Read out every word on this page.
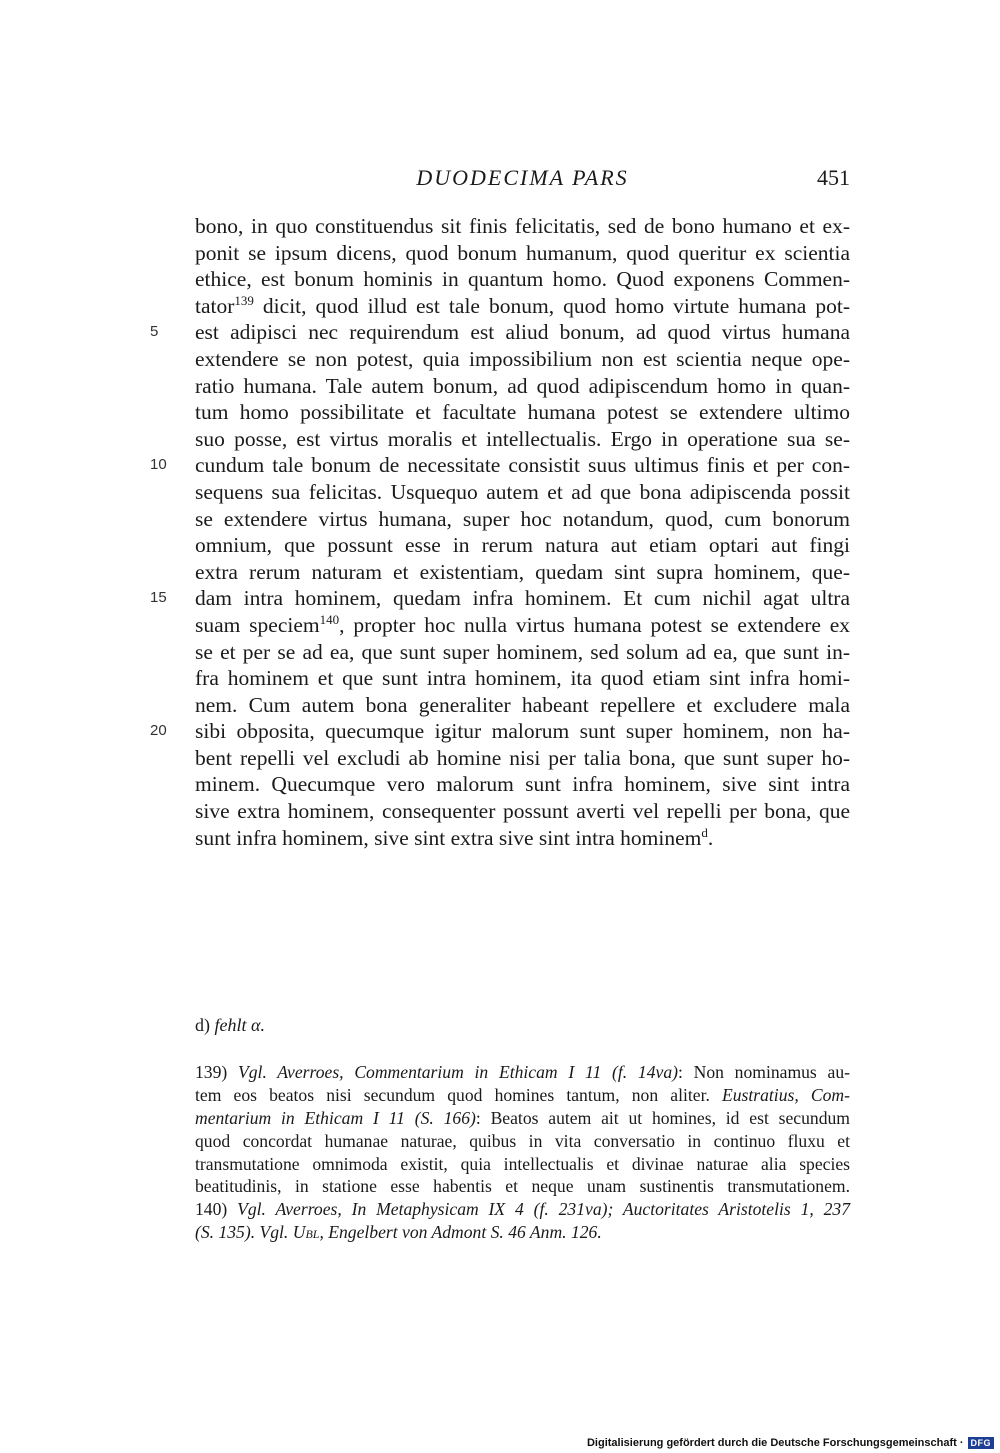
DUODECIMA PARS	451
bono, in quo constituendus sit finis felicitatis, sed de bono humano et ex-
ponit se ipsum dicens, quod bonum humanum, quod queritur ex scientia
ethice, est bonum hominis in quantum homo. Quod exponens Commen-
tator$^{139}$ dicit, quod illud est tale bonum, quod homo virtute humana pot-
5	est adipisci nec requirendum est aliud bonum, ad quod virtus humana
extendere se non potest, quia impossibilium non est scientia neque ope-
ratio humana. Tale autem bonum, ad quod adipiscendum homo in quan-
tum homo possibilitate et facultate humana potest se extendere ultimo
suo posse, est virtus moralis et intellectualis. Ergo in operatione sua se-
10	cundum tale bonum de necessitate consistit suus ultimus finis et per con-
sequens sua felicitas. Usquequo autem et ad que bona adipiscenda possit
se extendere virtus humana, super hoc notandum, quod, cum bonorum
omnium, que possunt esse in rerum natura aut etiam optari aut fingi
extra rerum naturam et existentiam, quedam sint supra hominem, que-
15	dam intra hominem, quedam infra hominem. Et cum nichil agat ultra
suam speciem$^{140}$, propter hoc nulla virtus humana potest se extendere ex
se et per se ad ea, que sunt super hominem, sed solum ad ea, que sunt in-
fra hominem et que sunt intra hominem, ita quod etiam sint infra homi-
nem. Cum autem bona generaliter habeant repellere et excludere mala
20	sibi obposita, quecumque igitur malorum sunt super hominem, non ha-
bent repelli vel excludi ab homine nisi per talia bona, que sunt super ho-
minem. Quecumque vero malorum sunt infra hominem, sive sint intra
sive extra hominem, consequenter possunt averti vel repelli per bona, que
sunt infra hominem, sive sint extra sive sint intra hominem$^d$.
d) fehlt α.
139) Vgl. Averroes, Commentarium in Ethicam I 11 (f. 14va): Non nominamus au-
tem eos beatos nisi secundum quod homines tantum, non aliter. Eustratius, Com-
mentarium in Ethicam I 11 (S. 166): Beatos autem ait ut homines, id est secundum
quod concordat humanae naturae, quibus in vita conversatio in continuo fluxu et
transmutatione omnimoda existit, quia intellectualis et divinae naturae alia species
beatitudinis, in statione esse habentis et neque unam sustinentis transmutationem.
140) Vgl. Averroes, In Metaphysicam IX 4 (f. 231va); Auctoritates Aristotelis 1, 237
(S. 135). Vgl. Ubl, Engelbert von Admont S. 46 Anm. 126.
Digitalisierung gefördert durch die Deutsche Forschungsgemeinschaft · DFG
